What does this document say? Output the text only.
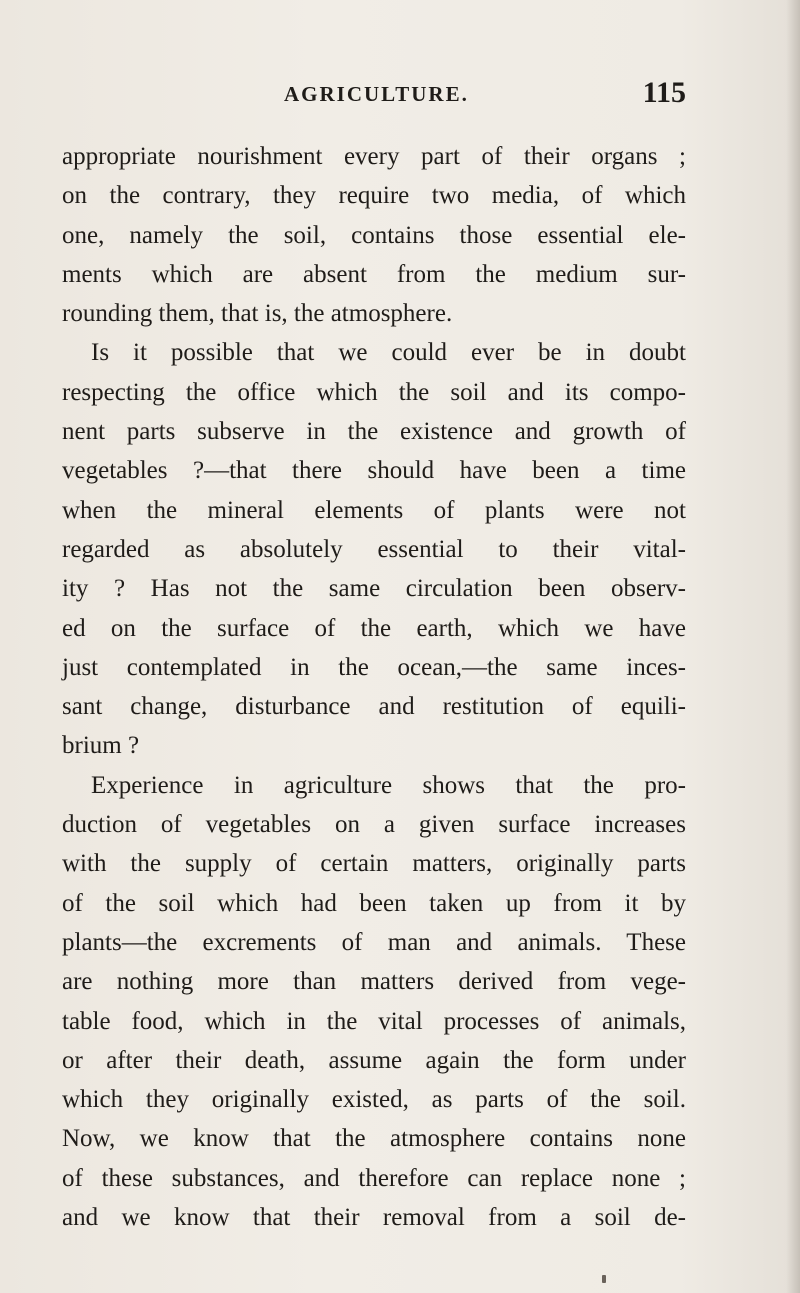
AGRICULTURE.	115
appropriate nourishment every part of their organs ;
on the contrary, they require two media, of which
one, namely the soil, contains those essential ele-
ments which are absent from the medium sur-
rounding them, that is, the atmosphere.
Is it possible that we could ever be in doubt
respecting the office which the soil and its compo-
nent parts subserve in the existence and growth of
vegetables ?—that there should have been a time
when the mineral elements of plants were not
regarded as absolutely essential to their vital-
ity ? Has not the same circulation been observ-
ed on the surface of the earth, which we have
just contemplated in the ocean,—the same inces-
sant change, disturbance and restitution of equili-
brium ?
Experience in agriculture shows that the pro-
duction of vegetables on a given surface increases
with the supply of certain matters, originally parts
of the soil which had been taken up from it by
plants—the excrements of man and animals. These
are nothing more than matters derived from vege-
table food, which in the vital processes of animals,
or after their death, assume again the form under
which they originally existed, as parts of the soil.
Now, we know that the atmosphere contains none
of these substances, and therefore can replace none ;
and we know that their removal from a soil de-
